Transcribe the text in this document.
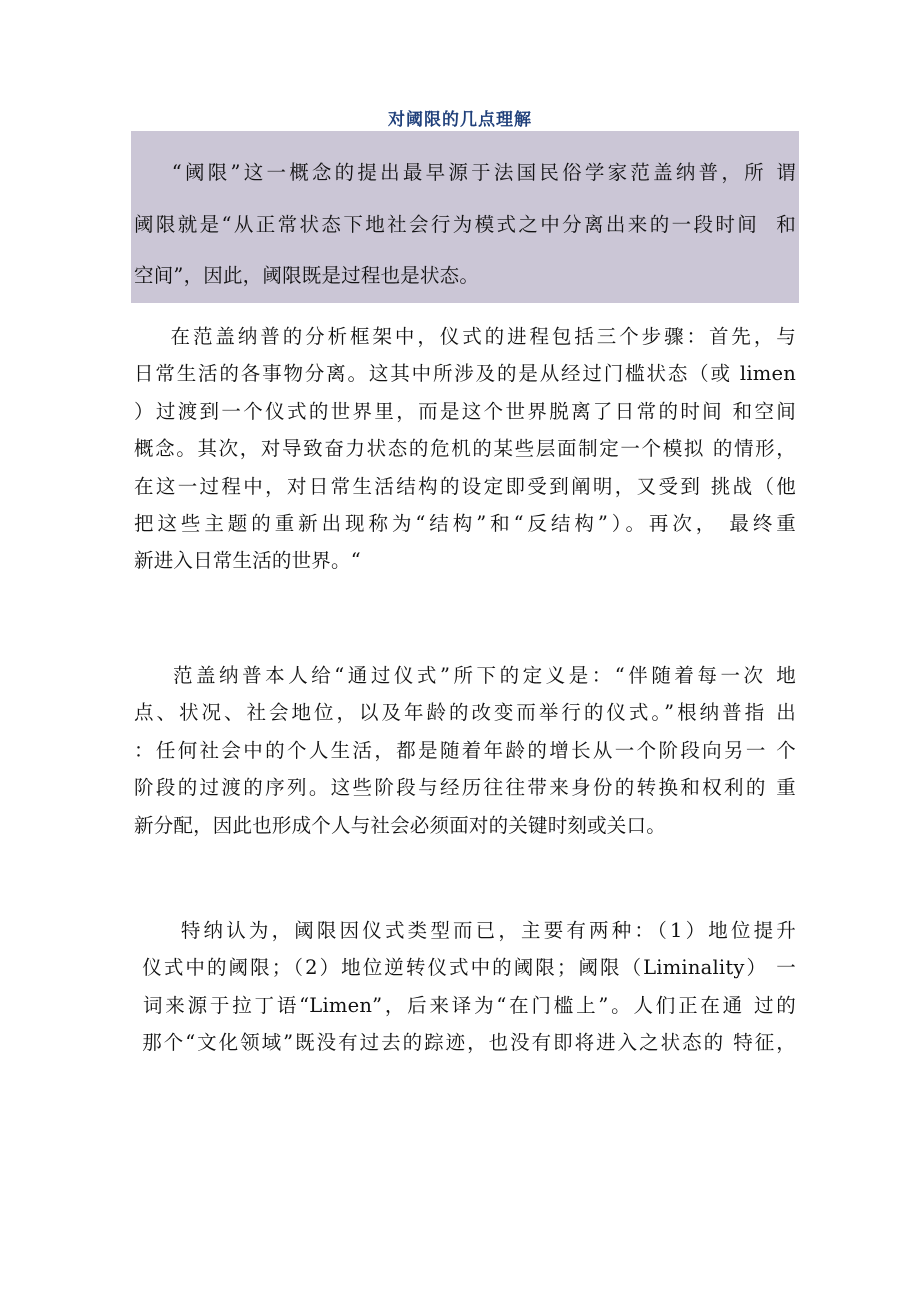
对阈限的几点理解
“阈限”这一概念的提出最早源于法国民俗学家范盖纳普，所 谓
阈限就是“从正常状态下地社会行为模式之中分离出来的一段时间  和
空间”，因此，阈限既是过程也是状态。
在范盖纳普的分析框架中，仪式的进程包括三个步骤：首先，与
日常生活的各事物分离。这其中所涉及的是从经过门槛状态（或 limen
）过渡到一个仪式的世界里，而是这个世界脱离了日常的时间 和空间
概念。其次，对导致奋力状态的危机的某些层面制定一个模拟 的情形，
在这一过程中，对日常生活结构的设定即受到阐明，又受到 挑战（他
把这些主题的重新出现称为“结构”和“反结构”）。再次， 最终重
新进入日常生活的世界。“
范盖纳普本人给“通过仪式”所下的定义是：“伴随着每一次 地
点、状况、社会地位，以及年龄的改变而举行的仪式。”根纳普指 出
：任何社会中的个人生活，都是随着年龄的增长从一个阶段向另一 个
阶段的过渡的序列。这些阶段与经历往往带来身份的转换和权利的 重
新分配，因此也形成个人与社会必须面对的关键时刻或关口。
特纳认为，阈限因仪式类型而已，主要有两种：（1）地位提升
仪式中的阈限；（2）地位逆转仪式中的阈限；阈限（Liminality） 一
词来源于拉丁语“Limen”，后来译为“在门槛上”。人们正在通 过的
那个“文化领域”既没有过去的踪迹，也没有即将进入之状态的 特征，
